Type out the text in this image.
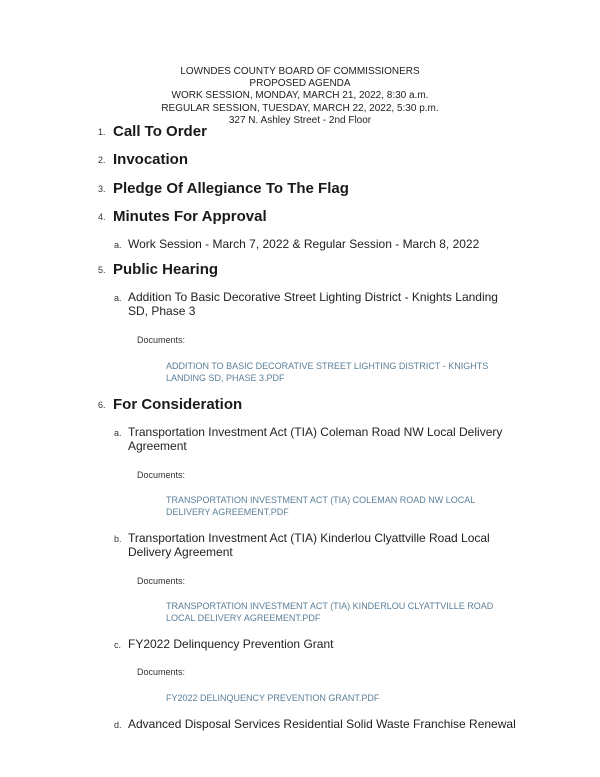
LOWNDES COUNTY BOARD OF COMMISSIONERS
PROPOSED AGENDA
WORK SESSION, MONDAY, MARCH 21, 2022, 8:30 a.m.
REGULAR SESSION, TUESDAY, MARCH 22, 2022, 5:30 p.m.
327 N. Ashley Street - 2nd Floor
1. Call To Order
2. Invocation
3. Pledge Of Allegiance To The Flag
4. Minutes For Approval
a. Work Session - March 7, 2022 & Regular Session - March 8, 2022
5. Public Hearing
a. Addition To Basic Decorative Street Lighting District - Knights Landing SD, Phase 3
Documents:
ADDITION TO BASIC DECORATIVE STREET LIGHTING DISTRICT - KNIGHTS LANDING SD, PHASE 3.PDF
6. For Consideration
a. Transportation Investment Act (TIA) Coleman Road NW Local Delivery Agreement
Documents:
TRANSPORTATION INVESTMENT ACT (TIA) COLEMAN ROAD NW LOCAL DELIVERY AGREEMENT.PDF
b. Transportation Investment Act (TIA) Kinderlou Clyattville Road Local Delivery Agreement
Documents:
TRANSPORTATION INVESTMENT ACT (TIA) KINDERLOU CLYATTVILLE ROAD LOCAL DELIVERY AGREEMENT.PDF
c. FY2022 Delinquency Prevention Grant
Documents:
FY2022 DELINQUENCY PREVENTION GRANT.PDF
d. Advanced Disposal Services Residential Solid Waste Franchise Renewal
